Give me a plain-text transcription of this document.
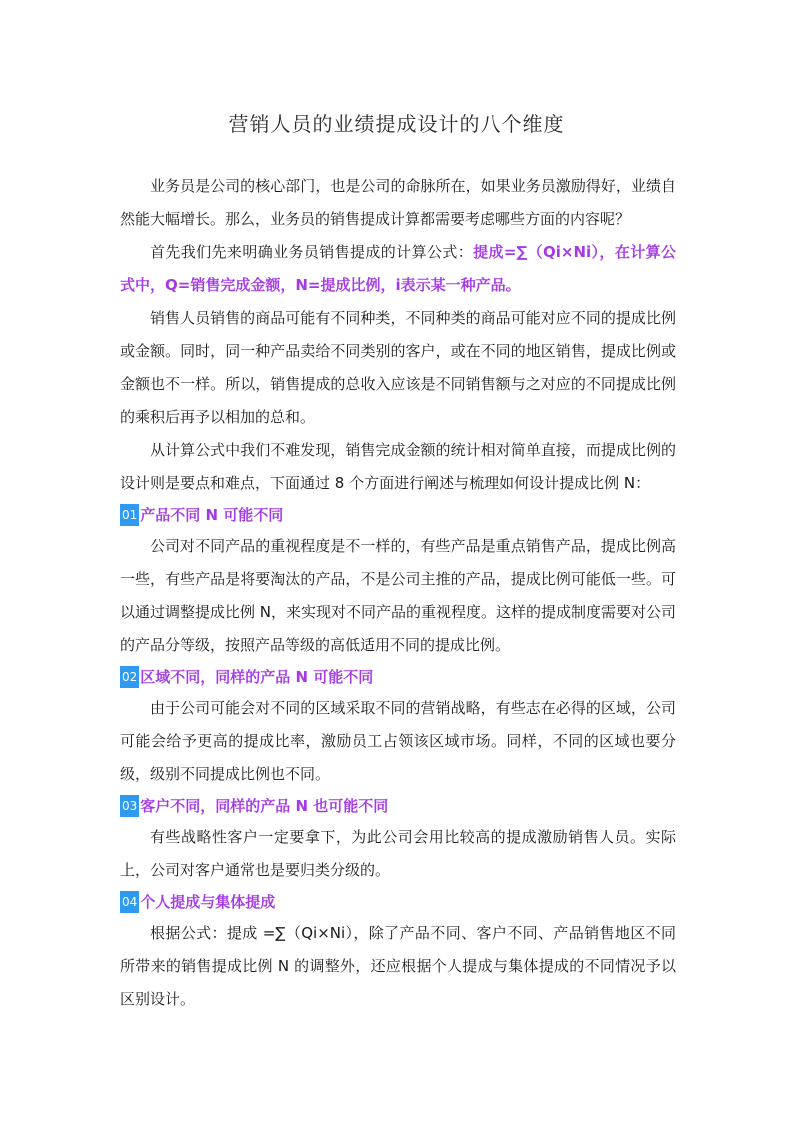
营销人员的业绩提成设计的八个维度

业务员是公司的核心部门，也是公司的命脉所在，如果业务员激励得好，业绩自然能大幅增长。那么，业务员的销售提成计算都需要考虑哪些方面的内容呢？

首先我们先来明确业务员销售提成的计算公式：提成=∑（Qi×Ni），在计算公式中，Q=销售完成金额，N=提成比例，i表示某一种产品。

销售人员销售的商品可能有不同种类，不同种类的商品可能对应不同的提成比例或金额。同时，同一种产品卖给不同类别的客户，或在不同的地区销售，提成比例或金额也不一样。所以，销售提成的总收入应该是不同销售额与之对应的不同提成比例的乘积后再予以相加的总和。

从计算公式中我们不难发现，销售完成金额的统计相对简单直接，而提成比例的设计则是要点和难点，下面通过 8 个方面进行阐述与梳理如何设计提成比例 N：

01 产品不同 N 可能不同

公司对不同产品的重视程度是不一样的，有些产品是重点销售产品，提成比例高一些，有些产品是将要淘汰的产品，不是公司主推的产品，提成比例可能低一些。可以通过调整提成比例 N，来实现对不同产品的重视程度。这样的提成制度需要对公司的产品分等级，按照产品等级的高低适用不同的提成比例。

02 区域不同，同样的产品 N 可能不同

由于公司可能会对不同的区域采取不同的营销战略，有些志在必得的区域，公司可能会给予更高的提成比率，激励员工占领该区域市场。同样，不同的区域也要分级，级别不同提成比例也不同。

03 客户不同，同样的产品 N 也可能不同

有些战略性客户一定要拿下，为此公司会用比较高的提成激励销售人员。实际上，公司对客户通常也是要归类分级的。

04 个人提成与集体提成

根据公式：提成 =∑（Qi×Ni），除了产品不同、客户不同、产品销售地区不同所带来的销售提成比例 N 的调整外，还应根据个人提成与集体提成的不同情况予以区别设计。
